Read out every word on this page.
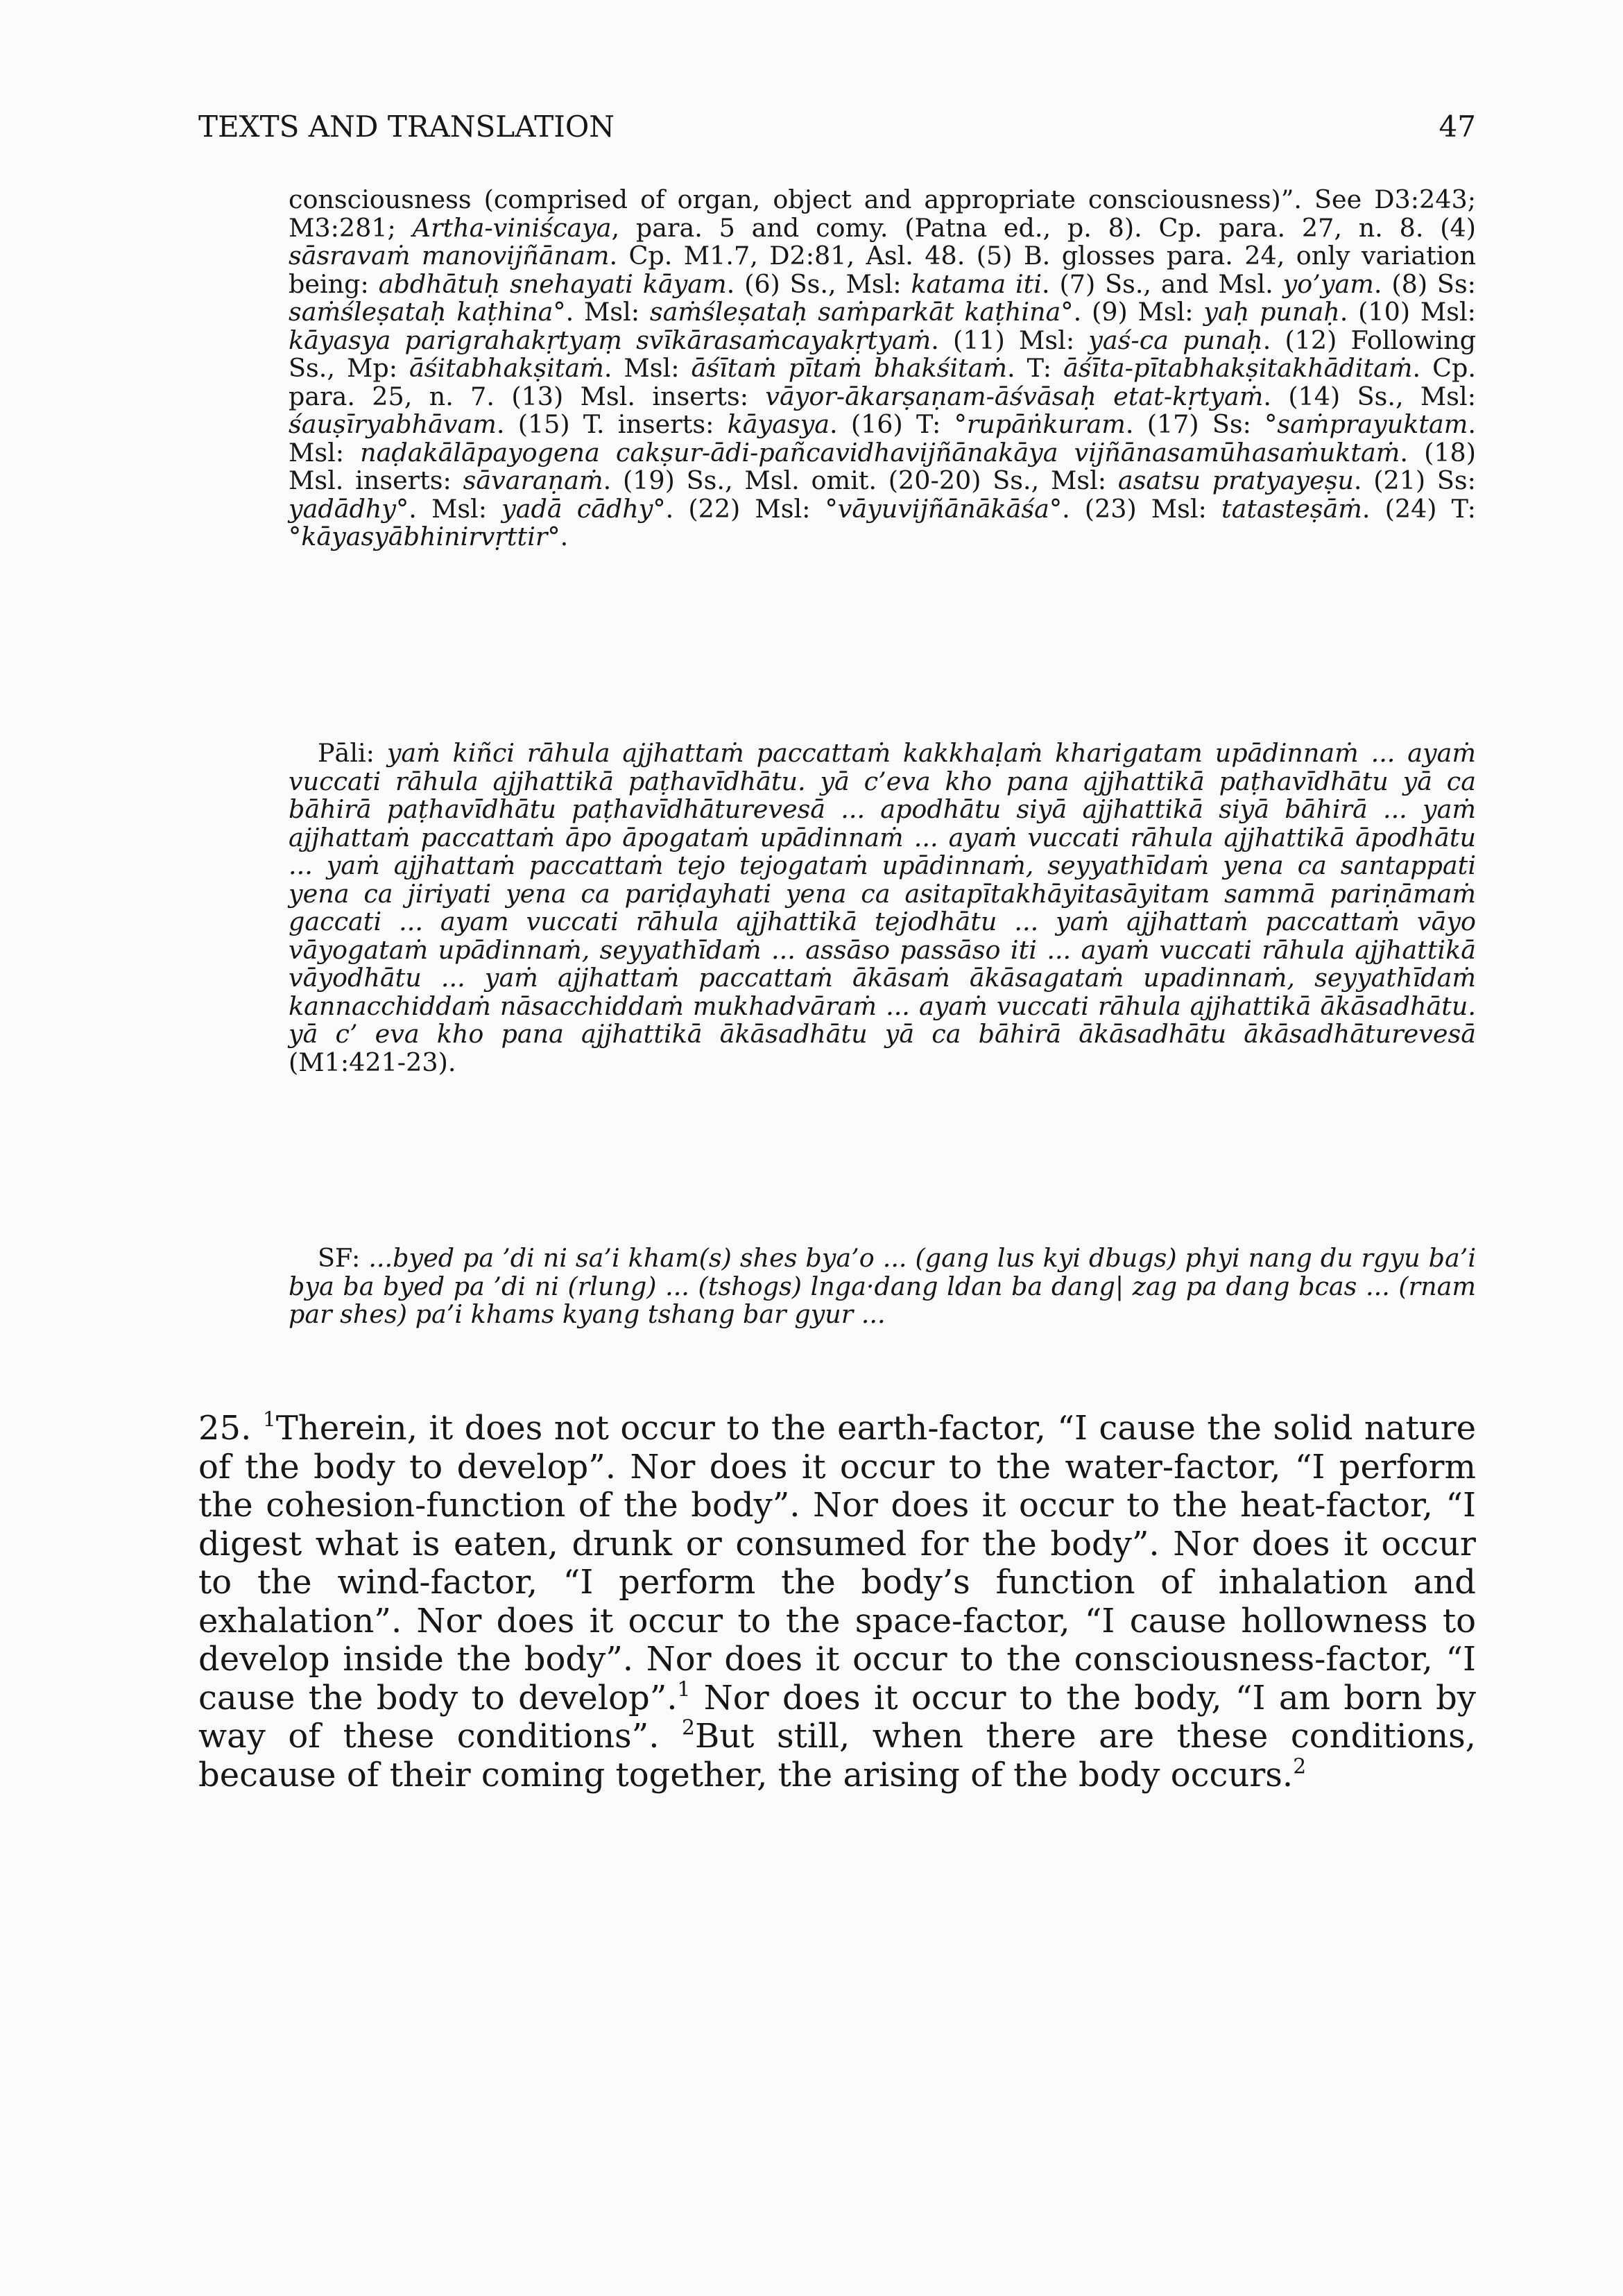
TEXTS AND TRANSLATION	47
consciousness (comprised of organ, object and appropriate consciousness)”. See D3:243; M3:281; Artha-viniścaya, para. 5 and comy. (Patna ed., p. 8). Cp. para. 27, n. 8. (4) sāsravaṁ manovijñānam. Cp. M1.7, D2:81, Asl. 48. (5) B. glosses para. 24, only variation being: abdhātuḥ snehayati kāyam. (6) Ss., Msl: katama iti. (7) Ss., and Msl. yo’yam. (8) Ss: saṁśleṣataḥ kaṭhina°. Msl: saṁśleṣataḥ saṁparkāt kaṭhina°. (9) Msl: yaḥ punaḥ. (10) Msl: kāyasya parigrahakṛtyaṃ svīkārasaṁcayakṛtyaṁ. (11) Msl: yaś-ca punaḥ. (12) Following Ss., Mp: āśitabhakṣitaṁ. Msl: āśītaṁ pītaṁ bhakśitaṁ. T: āśīta-pītabhakṣitakhāditaṁ. Cp. para. 25, n. 7. (13) Msl. inserts: vāyor-ākarṣaṇam-āśvāsaḥ etat-kṛtyaṁ. (14) Ss., Msl: śauṣīryabhāvam. (15) T. inserts: kāyasya. (16) T: °rupāṅkuram. (17) Ss: °saṁprayuktam. Msl: naḍakālāpayogena cakṣur-ādi-pañcavidhavijñānakāya vijñānasamūhasaṁuktaṁ. (18) Msl. inserts: sāvaraṇaṁ. (19) Ss., Msl. omit. (20-20) Ss., Msl: asatsu pratyayeṣu. (21) Ss: yadādhy°. Msl: yadā cādhy°. (22) Msl: °vāyuvijñānākāśa°. (23) Msl: tatasteṣāṁ. (24) T: °kāyasyābhinirvṛttir°.
Pāli: yaṁ kiñci rāhula ajjhattaṁ paccattaṁ kakkhaḷaṁ kharigatam upādinnaṁ ... ayaṁ vuccati rāhula ajjhattikā paṭhavīdhātu. yā c’eva kho pana ajjhattikā paṭhavīdhātu yā ca bāhirā paṭhavīdhātu paṭhavīdhāturevesā ... apodhātu siyā ajjhattikā siyā bāhirā ... yaṁ ajjhattaṁ paccattaṁ āpo āpogataṁ upādinnaṁ ... ayaṁ vuccati rāhula ajjhattikā āpodhātu ... yaṁ ajjhattaṁ paccattaṁ tejo tejogataṁ upādinnaṁ, seyyathīdaṁ yena ca santappati yena ca jiriyati yena ca pariḍayhati yena ca asitapītakhāyitasāyitam sammā pariṇāmaṁ gaccati ... ayam vuccati rāhula ajjhattikā tejodhātu ... yaṁ ajjhattaṁ paccattaṁ vāyo vāyogataṁ upādinnaṁ, seyyathīdaṁ ... assāso passāso iti ... ayaṁ vuccati rāhula ajjhattikā vāyodhātu ... yaṁ ajjhattaṁ paccattaṁ ākāsaṁ ākāsagataṁ upadinnaṁ, seyyathīdaṁ kannacchiddaṁ nāsacchiddaṁ mukhadvāraṁ ... ayaṁ vuccati rāhula ajjhattikā ākāsadhātu. yā c’ eva kho pana ajjhattikā ākāsadhātu yā ca bāhirā ākāsadhātu ākāsadhāturevesā (M1:421-23).
SF: ...byed pa ’di ni sa’i kham(s) shes bya’o ... (gang lus kyi dbugs) phyi nang du rgyu ba’i bya ba byed pa ’di ni (rlung) ... (tshogs) lnga·dang ldan ba dang| zag pa dang bcas ... (rnam par shes) pa’i khams kyang tshang bar gyur ...
25. $^1$Therein, it does not occur to the earth-factor, “I cause the solid nature of the body to develop”. Nor does it occur to the water-factor, “I perform the cohesion-function of the body”. Nor does it occur to the heat-factor, “I digest what is eaten, drunk or consumed for the body”. Nor does it occur to the wind-factor, “I perform the body’s function of inhalation and exhalation”. Nor does it occur to the space-factor, “I cause hollowness to develop inside the body”. Nor does it occur to the consciousness-factor, “I cause the body to develop”.$^1$ Nor does it occur to the body, “I am born by way of these conditions”. $^2$But still, when there are these conditions, because of their coming together, the arising of the body occurs.$^2$
